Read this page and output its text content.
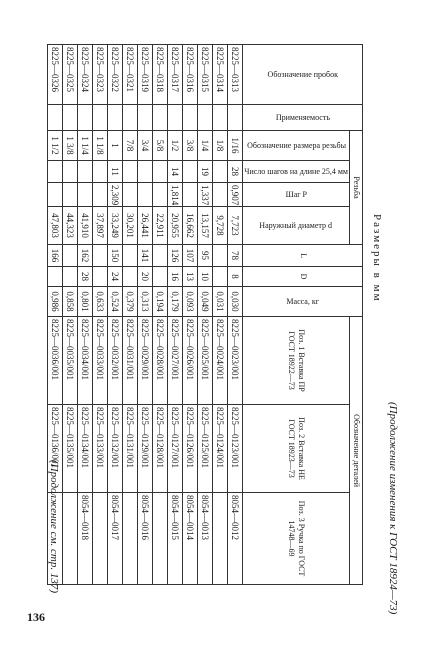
136
(Продолжение изменения к ГОСТ 18924—73)
Размеры в мм
Обозначение пробок	Применяемость	Резьба				L	D	Масса, кг	Обозначение деталей		

		Обозначение размера резьбы	Число шагов на длине 25,4 мм	Шаг P	Наружный диаметр d				Поз. 1 Вставка ПР ГОСТ 18922—73	Поз. 2 Вставка НЕ ГОСТ 18923—73	Поз. 3 Ручка по ГОСТ 14748—69
8225—0313		1/16	28	0,907	7,723	78	8	0,030	8225—0023/001	8225—0123/001	8054—0012
8225—0314		1/8			9,728			0,031	8225—0024/001	8225—0124/001	
8225—0315		1/4	19	1,337	13,157	95	10	0,049	8225—0025/001	8225—0125/001	8054—0013
8225—0316		3/8			16,662	107	13	0,093	8225—0026/001	8225—0126/001	8054—0014
8225—0317		1/2	14	1,814	20,955	126	16	0,179	8225—0027/001	8225—0127/001	8054—0015
8225—0318		5/8			22,911			0,194	8225—0028/001	8225—0128/001	
8225—0319		3/4			26,441	141	20	0,313	8225—0029/001	8225—0129/001	8054—0016
8225—0321		7/8			30,201			0,379	8225—0031/001	8225—0131/001	
8225—0322		1	11	2,309	33,249	150	24	0,524	8225—0032/001	8225—0132/001	8054—0017
8225—0323		1 1/8			37,897			0,633	8225—0033/001	8225—0133/001	
8225—0324		1 1/4			41,910	162	28	0,801	8225—0034/001	8225—0134/001	8054—0018
8225—0325		1 3/8			44,323			0,858	8225—0035/001	8225—0135/001	
8225—0326		1 1/2			47,803	166		0,986	8225—0036/001	8225—0136/001	
(Продолжение см. стр. 137)
